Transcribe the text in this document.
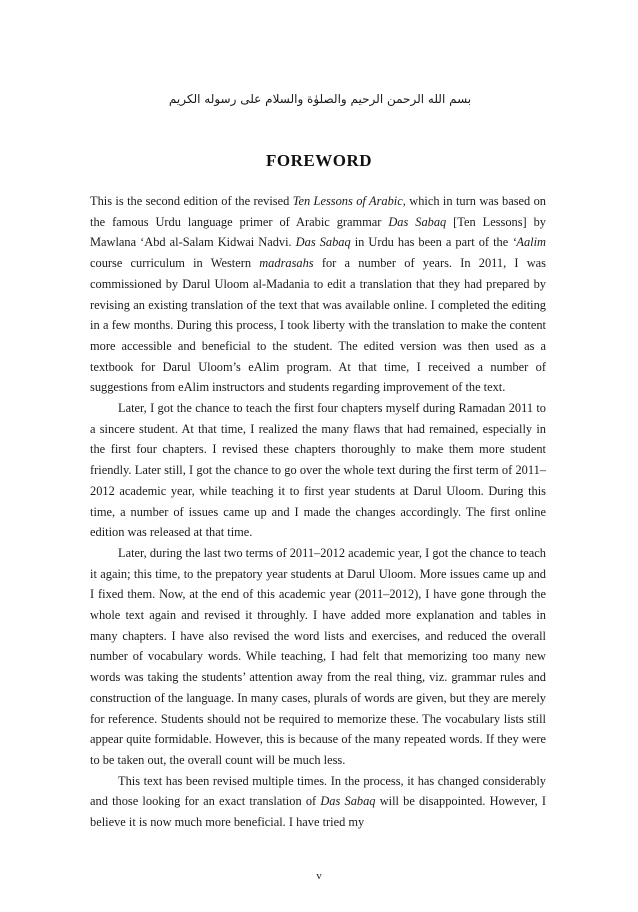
بسم الله الرحمن الرحيم والصلوٰة والسلام على رسوله الكريم
FOREWORD

This is the second edition of the revised Ten Lessons of Arabic, which in turn was based on the famous Urdu language primer of Arabic grammar Das Sabaq [Ten Lessons] by Mawlana ‘Abd al-Salam Kidwai Nadvi. Das Sabaq in Urdu has been a part of the ‘Aalim course curriculum in Western madrasahs for a number of years. In 2011, I was commissioned by Darul Uloom al-Madania to edit a translation that they had prepared by revising an existing translation of the text that was available online. I completed the editing in a few months. During this process, I took liberty with the translation to make the content more accessible and beneficial to the student. The edited version was then used as a textbook for Darul Uloom’s eAlim program. At that time, I received a number of suggestions from eAlim instructors and students regarding improvement of the text.

Later, I got the chance to teach the first four chapters myself during Ramadan 2011 to a sincere student. At that time, I realized the many flaws that had remained, especially in the first four chapters. I revised these chapters thoroughly to make them more student friendly. Later still, I got the chance to go over the whole text during the first term of 2011–2012 academic year, while teaching it to first year students at Darul Uloom. During this time, a number of issues came up and I made the changes accordingly. The first online edition was released at that time.

Later, during the last two terms of 2011–2012 academic year, I got the chance to teach it again; this time, to the prepatory year students at Darul Uloom. More issues came up and I fixed them. Now, at the end of this academic year (2011–2012), I have gone through the whole text again and revised it throughly. I have added more explanation and tables in many chapters. I have also revised the word lists and exercises, and reduced the overall number of vocabulary words. While teaching, I had felt that memorizing too many new words was taking the students’ attention away from the real thing, viz. grammar rules and construction of the language. In many cases, plurals of words are given, but they are merely for reference. Students should not be required to memorize these. The vocabulary lists still appear quite formidable. However, this is because of the many repeated words. If they were to be taken out, the overall count will be much less.

This text has been revised multiple times. In the process, it has changed considerably and those looking for an exact translation of Das Sabaq will be disappointed. However, I believe it is now much more beneficial. I have tried my

v
